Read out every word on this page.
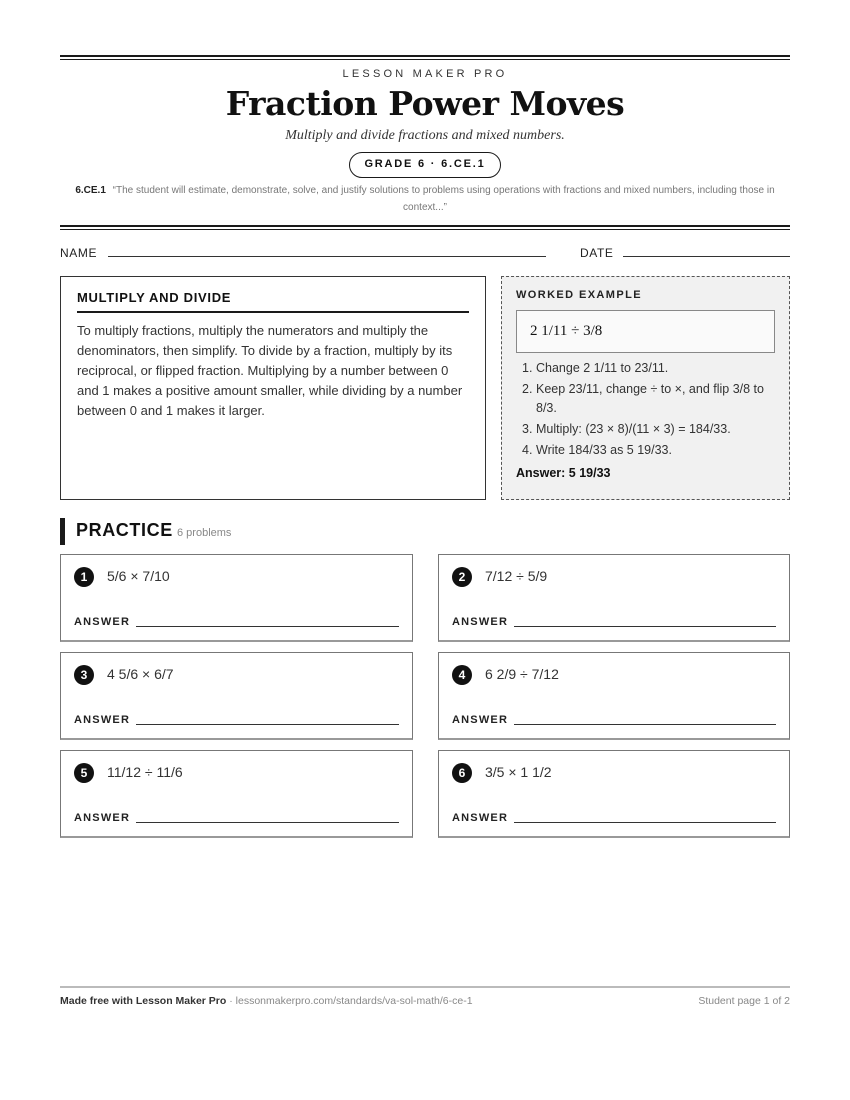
LESSON MAKER PRO
Fraction Power Moves
Multiply and divide fractions and mixed numbers.
GRADE 6 · 6.CE.1
6.CE.1 “The student will estimate, demonstrate, solve, and justify solutions to problems using operations with fractions and mixed numbers, including those in context...”
NAME	DATE
MULTIPLY AND DIVIDE
To multiply fractions, multiply the numerators and multiply the denominators, then simplify. To divide by a fraction, multiply by its reciprocal, or flipped fraction. Multiplying by a number between 0 and 1 makes a positive amount smaller, while dividing by a number between 0 and 1 makes it larger.
WORKED EXAMPLE
2 1/11 ÷ 3/8
1. Change 2 1/11 to 23/11.
2. Keep 23/11, change ÷ to ×, and flip 3/8 to 8/3.
3. Multiply: (23 × 8)/(11 × 3) = 184/33.
4. Write 184/33 as 5 19/33.
Answer: 5 19/33
PRACTICE 6 problems
1	5/6 × 7/10
ANSWER
2	7/12 ÷ 5/9
ANSWER
3	4 5/6 × 6/7
ANSWER
4	6 2/9 ÷ 7/12
ANSWER
5	11/12 ÷ 11/6
ANSWER
6	3/5 × 1 1/2
ANSWER
Made free with Lesson Maker Pro · lessonmakerpro.com/standards/va-sol-math/6-ce-1	Student page 1 of 2
